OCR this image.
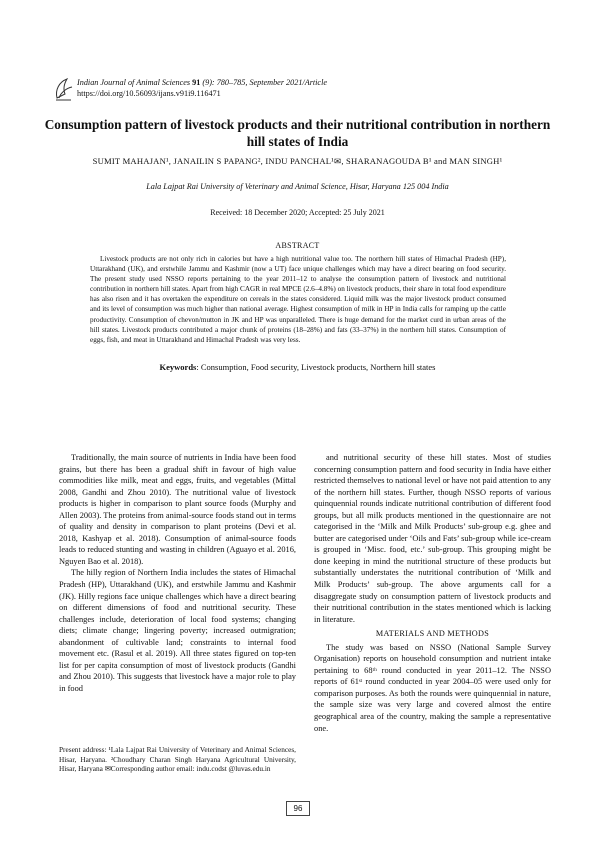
Indian Journal of Animal Sciences 91 (9): 780–785, September 2021/Article
https://doi.org/10.56093/ijans.v91i9.116471
Consumption pattern of livestock products and their nutritional contribution in northern hill states of India
SUMIT MAHAJAN¹, JANAILIN S PAPANG², INDU PANCHAL¹✉, SHARANAGOUDA B¹ and MAN SINGH¹
Lala Lajpat Rai University of Veterinary and Animal Science, Hisar, Haryana 125 004 India
Received: 18 December 2020; Accepted: 25 July 2021
ABSTRACT
Livestock products are not only rich in calories but have a high nutritional value too. The northern hill states of Himachal Pradesh (HP), Uttarakhand (UK), and erstwhile Jammu and Kashmir (now a UT) face unique challenges which may have a direct bearing on food security. The present study used NSSO reports pertaining to the year 2011–12 to analyse the consumption pattern of livestock and nutritional contribution in northern hill states. Apart from high CAGR in real MPCE (2.6–4.8%) on livestock products, their share in total food expenditure has also risen and it has overtaken the expenditure on cereals in the states considered. Liquid milk was the major livestock product consumed and its level of consumption was much higher than national average. Highest consumption of milk in HP in India calls for ramping up the cattle productivity. Consumption of chevon/mutton in JK and HP was unparalleled. There is huge demand for the market curd in urban areas of the hill states. Livestock products contributed a major chunk of proteins (18–28%) and fats (33–37%) in the northern hill states. Consumption of eggs, fish, and meat in Uttarakhand and Himachal Pradesh was very less.
Keywords: Consumption, Food security, Livestock products, Northern hill states

Traditionally, the main source of nutrients in India have been food grains, but there has been a gradual shift in favour of high value commodities like milk, meat and eggs, fruits, and vegetables (Mittal 2008, Gandhi and Zhou 2010). The nutritional value of livestock products is higher in comparison to plant source foods (Murphy and Allen 2003). The proteins from animal-source foods stand out in terms of quality and density in comparison to plant proteins (Devi et al. 2018, Kashyap et al. 2018). Consumption of animal-source foods leads to reduced stunting and wasting in children (Aguayo et al. 2016, Nguyen Bao et al. 2018).

The hilly region of Northern India includes the states of Himachal Pradesh (HP), Uttarakhand (UK), and erstwhile Jammu and Kashmir (JK). Hilly regions face unique challenges which have a direct bearing on different dimensions of food and nutritional security. These challenges include, deterioration of local food systems; changing diets; climate change; lingering poverty; increased outmigration; abandonment of cultivable land; constraints to internal food movement etc. (Rasul et al. 2019). All three states figured on top-ten list for per capita consumption of most of livestock products (Gandhi and Zhou 2010). This suggests that livestock have a major role to play in food

and nutritional security of these hill states. Most of studies concerning consumption pattern and food security in India have either restricted themselves to national level or have not paid attention to any of the northern hill states. Further, though NSSO reports of various quinquennial rounds indicate nutritional contribution of different food groups, but all milk products mentioned in the questionnaire are not categorised in the ‘Milk and Milk Products’ sub-group e.g. ghee and butter are categorised under ‘Oils and Fats’ sub-group while ice-cream is grouped in ‘Misc. food, etc.’ sub-group. This grouping might be done keeping in mind the nutritional structure of these products but substantially understates the nutritional contribution of ‘Milk and Milk Products’ sub-group. The above arguments call for a disaggregate study on consumption pattern of livestock products and their nutritional contribution in the states mentioned which is lacking in literature.

MATERIALS AND METHODS

The study was based on NSSO (National Sample Survey Organisation) reports on household consumption and nutrient intake pertaining to 68ᵗʰ round conducted in year 2011–12. The NSSO reports of 61ˢᵗ round conducted in year 2004–05 were used only for comparison purposes. As both the rounds were quinquennial in nature, the sample size was very large and covered almost the entire geographical area of the country, making the sample a representative one.

Present address: ¹Lala Lajpat Rai University of Veterinary and Animal Sciences, Hisar, Haryana. ²Choudhary Charan Singh Haryana Agricultural University, Hisar, Haryana ✉Corresponding author email: indu.codst @luvas.edu.in
96
